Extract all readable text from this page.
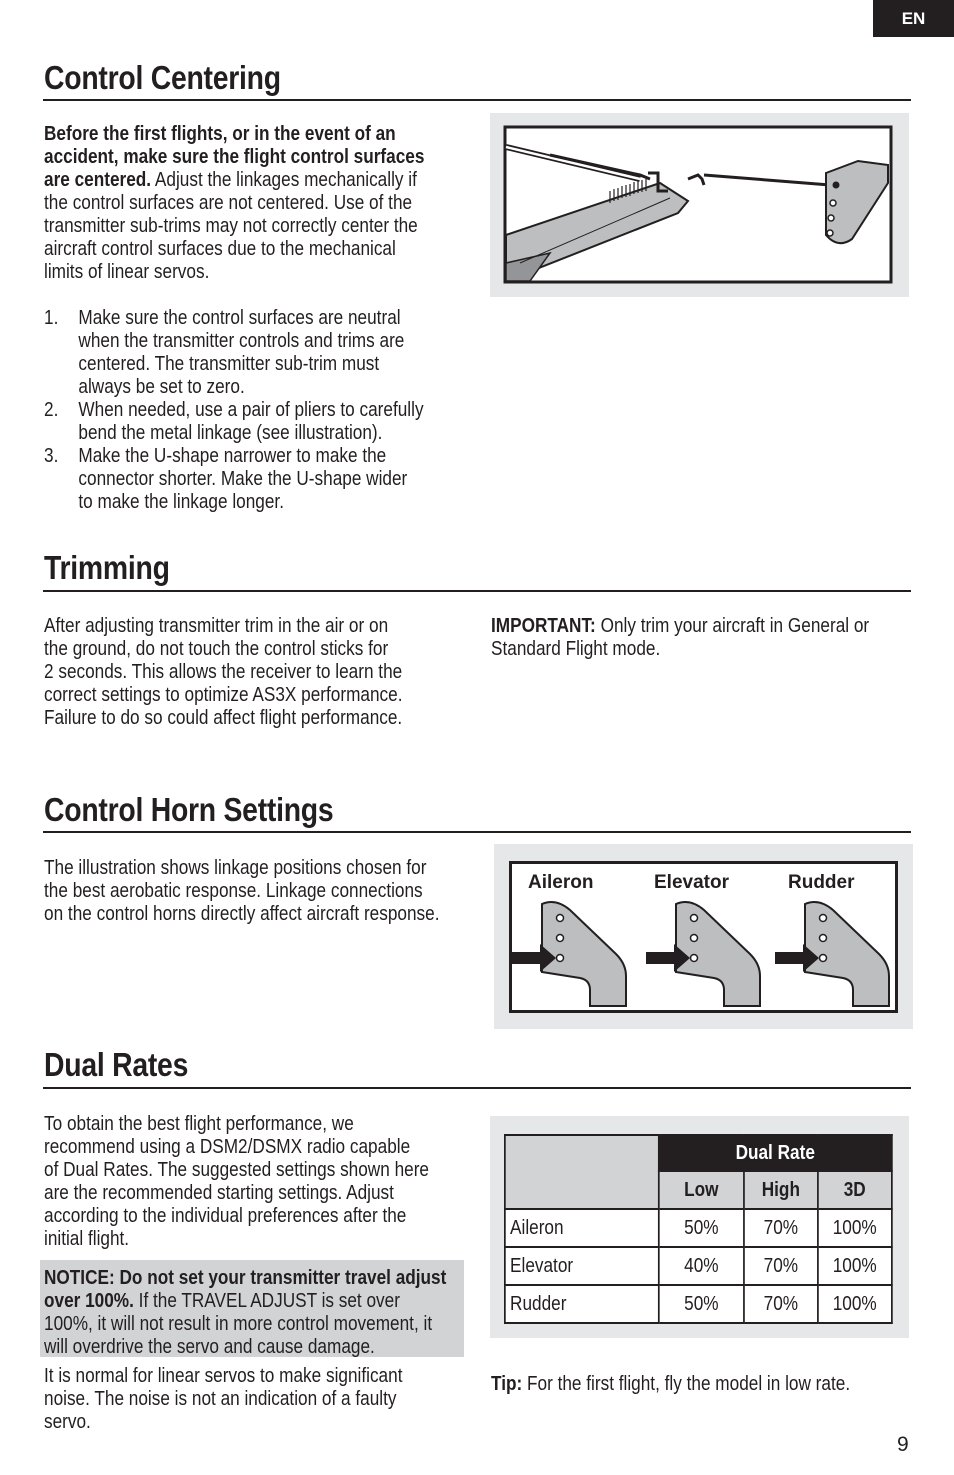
EN
Control Centering
Before the first flights, or in the event of an
accident, make sure the flight control surfaces
are centered. Adjust the linkages mechanically if
the control surfaces are not centered. Use of the
transmitter sub-trims may not correctly center the
aircraft control surfaces due to the mechanical
limits of linear servos.
1. Make sure the control surfaces are neutral
when the transmitter controls and trims are
centered. The transmitter sub-trim must
always be set to zero.
2. When needed, use a pair of pliers to carefully
bend the metal linkage (see illustration).
3. Make the U-shape narrower to make the
connector shorter. Make the U-shape wider
to make the linkage longer.
Trimming
After adjusting transmitter trim in the air or on
the ground, do not touch the control sticks for
2 seconds. This allows the receiver to learn the
correct settings to optimize AS3X performance.
Failure to do so could affect flight performance.
IMPORTANT: Only trim your aircraft in General or
Standard Flight mode.
Control Horn Settings
The illustration shows linkage positions chosen for
the best aerobatic response. Linkage connections
on the control horns directly affect aircraft response.
Aileron	Elevator	Rudder
Dual Rates
To obtain the best flight performance, we
recommend using a DSM2/DSMX radio capable
of Dual Rates. The suggested settings shown here
are the recommended starting settings. Adjust
according to the individual preferences after the
initial flight.
NOTICE: Do not set your transmitter travel adjust
over 100%. If the TRAVEL ADJUST is set over
100%, it will not result in more control movement, it
will overdrive the servo and cause damage.
It is normal for linear servos to make significant
noise. The noise is not an indication of a faulty
servo.
	Dual Rate		
	Low	High	3D
Aileron	50%	70%	100%
Elevator	40%	70%	100%
Rudder	50%	70%	100%
Tip: For the first flight, fly the model in low rate.
9
